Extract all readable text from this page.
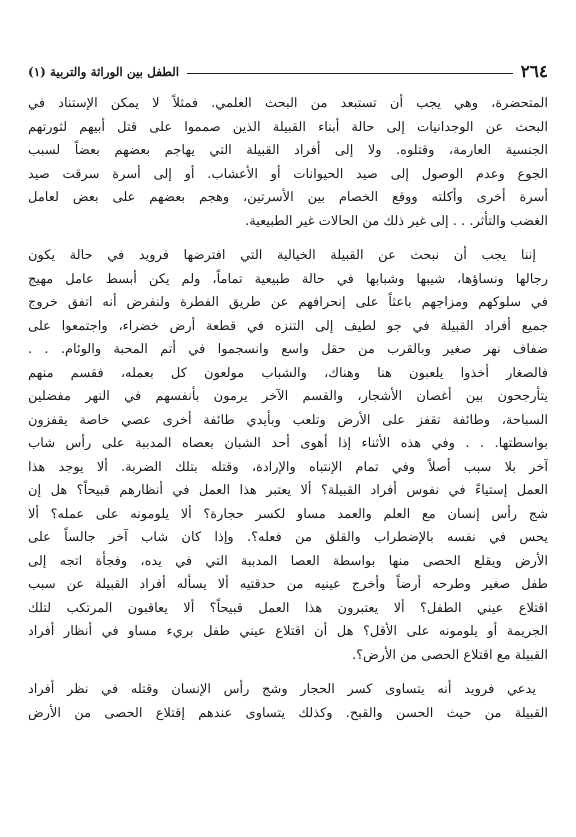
٢٦٤
الطفل بين الوراثة والتربية (١)
المتحضرة، وهي يجب أن تستبعد من البحث العلمي. فمثلاً لا يمكن الإستناد في
البحث عن الوجدانيات إلى حالة أبناء القبيلة الذين صمموا على قتل أبيهم لثورتهم
الجنسية العارمة، وقتلوه. ولا إلى أفراد القبيلة التي يهاجم بعضهم بعضاً لسبب
الجوع وعدم الوصول إلى صيد الحيوانات أو الأعشاب. أو إلى أسرة سرقت صيد
أسرة أخرى وأكلته ووقع الخصام بين الأسرتين، وهجم بعضهم على بعض لعامل
الغضب والتأثر. . . إلى غير ذلك من الحالات غير الطبيعية.
إننا يجب أن نبحث عن القبيلة الخيالية التي افترضها فرويد في حالة يكون
رجالها ونساؤها، شيبها وشبابها في حالة طبيعية تماماً، ولم يكن أبسط عامل مهيج
في سلوكهم ومزاجهم باعثاً على إنحرافهم عن طريق الفطرة ولنفرض أنه اتفق خروج
جميع أفراد القبيلة في جو لطيف إلى التنزه في قطعة أرض خضراء، واجتمعوا على
ضفاف نهر صغير وبالقرب من حقل واسع وانسجموا في أتم المحبة والوئام. . .
فالصغار أخذوا يلعبون هنا وهناك، والشباب مولعون كل بعمله، فقسم منهم
يتأرجحون بين أغصان الأشجار، والقسم الآخر يرمون بأنفسهم في النهر مفضلين
السباحة، وطائفة تقفز على الأرض وتلعب وبأيدي طائفة أخرى عصي خاصة يقفزون
بواسطتها. . . وفي هذه الأثناء إذا أهوى أحد الشبان بعصاه المدببة على رأس شاب
آخر بلا سبب أصلاً وفي تمام الإنتباه والإرادة، وقتله بتلك الضربة. ألا يوجد هذا
العمل إستياءً في نفوس أفراد القبيلة؟ ألا يعتبر هذا العمل في أنظارهم قبيحاً؟ هل إن
شج رأس إنسان مع العلم والعمد مساو لكسر حجارة؟ ألا يلومونه على عمله؟ ألا
يحس في نفسه بالإضطراب والقلق من فعله؟. وإذا كان شاب آخر جالساً على
الأرض ويقلع الحصى منها بواسطة العصا المدببة التي في يده، وفجأة اتجه إلى
طفل صغير وطرحه أرضاً وأخرج عينيه من حدقتيه ألا يسأله أفراد القبيلة عن سبب
اقتلاع عيني الطفل؟ ألا يعتبرون هذا العمل قبيحاً؟ ألا يعاقبون المرتكب لتلك
الجريمة أو يلومونه على الأقل؟ هل أن اقتلاع عيني طفل بريء مساو في أنظار أفراد
القبيلة مع اقتلاع الحصى من الأرض؟.
يدعي فرويد أنه يتساوى كسر الحجار وشج رأس الإنسان وقتله في نظر أفراد
القبيلة من حيث الحسن والقبح. وكذلك يتساوى عندهم إقتلاع الحصى من الأرض
